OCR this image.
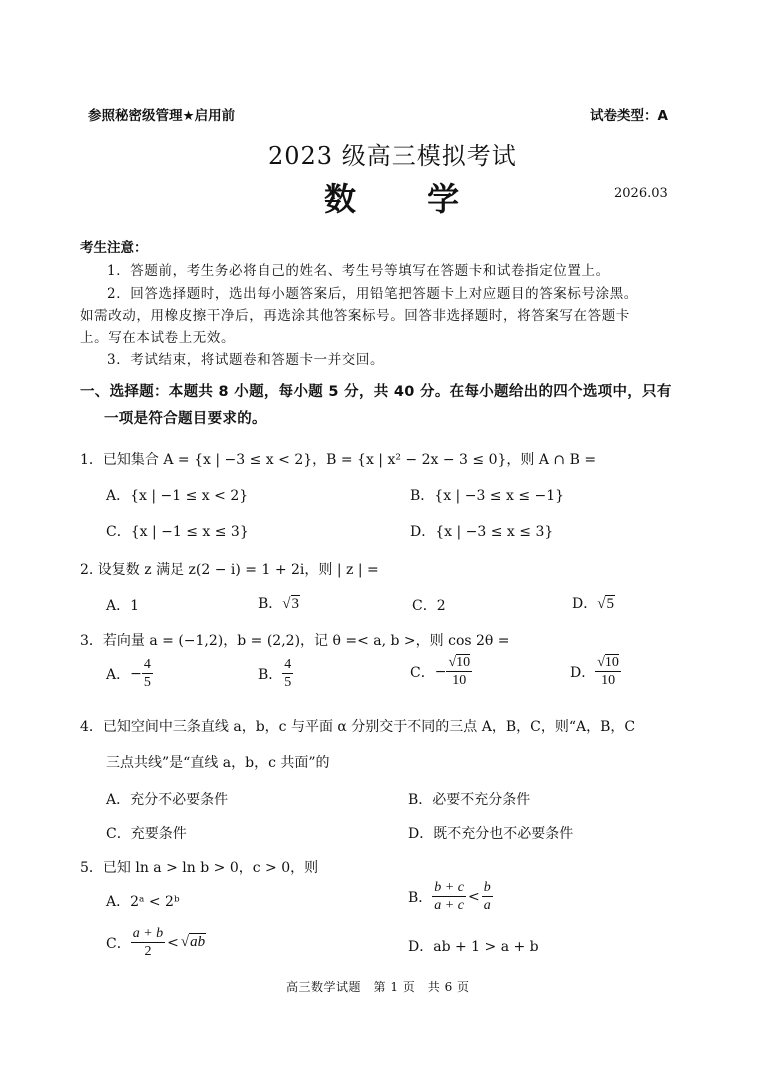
参照秘密级管理★启用前	试卷类型：A
2023 级高三模拟考试
数 学	2026.03
考生注意：
1．答题前，考生务必将自己的姓名、考生号等填写在答题卡和试卷指定位置上。
2．回答选择题时，选出每小题答案后，用铅笔把答题卡上对应题目的答案标号涂黑。
如需改动，用橡皮擦干净后，再选涂其他答案标号。回答非选择题时，将答案写在答题卡
上。写在本试卷上无效。
3．考试结束，将试题卷和答题卡一并交回。
一、选择题：本题共 8 小题，每小题 5 分，共 40 分。在每小题给出的四个选项中，只有
一项是符合题目要求的。
1．已知集合 A = {x | −3 ≤ x < 2}，B = {x | x² − 2x − 3 ≤ 0}，则 A ∩ B =
A．{x | −1 ≤ x < 2}	B．{x | −3 ≤ x ≤ −1}
C．{x | −1 ≤ x ≤ 3}	D．{x | −3 ≤ x ≤ 3}
2. 设复数 z 满足 z(2 − i) = 1 + 2i，则 | z | =
A．1	B．√3	C．2	D．√5
3．若向量 a = (−1,2)，b = (2,2)，记 θ =< a, b >，则 cos 2θ =
A． − $\frac{4}{5}$	B． $\frac{4}{5}$	C． − $\frac{√10}{10}$	D． $\frac{√10}{10}$
4．已知空间中三条直线 a，b，c 与平面 α 分别交于不同的三点 A，B，C，则“A，B，C
三点共线”是“直线 a，b，c 共面”的
A．充分不必要条件	B．必要不充分条件
C．充要条件	D．既不充分也不必要条件
5．已知 ln a > ln b > 0，c > 0，则
A．2ᵃ < 2ᵇ	B． $\frac{b + c}{a + c} < \frac{b}{a}$
C． $\frac{a + b}{2} < √ab$	D．ab + 1 > a + b
高三数学试题　第 1 页　共 6 页
